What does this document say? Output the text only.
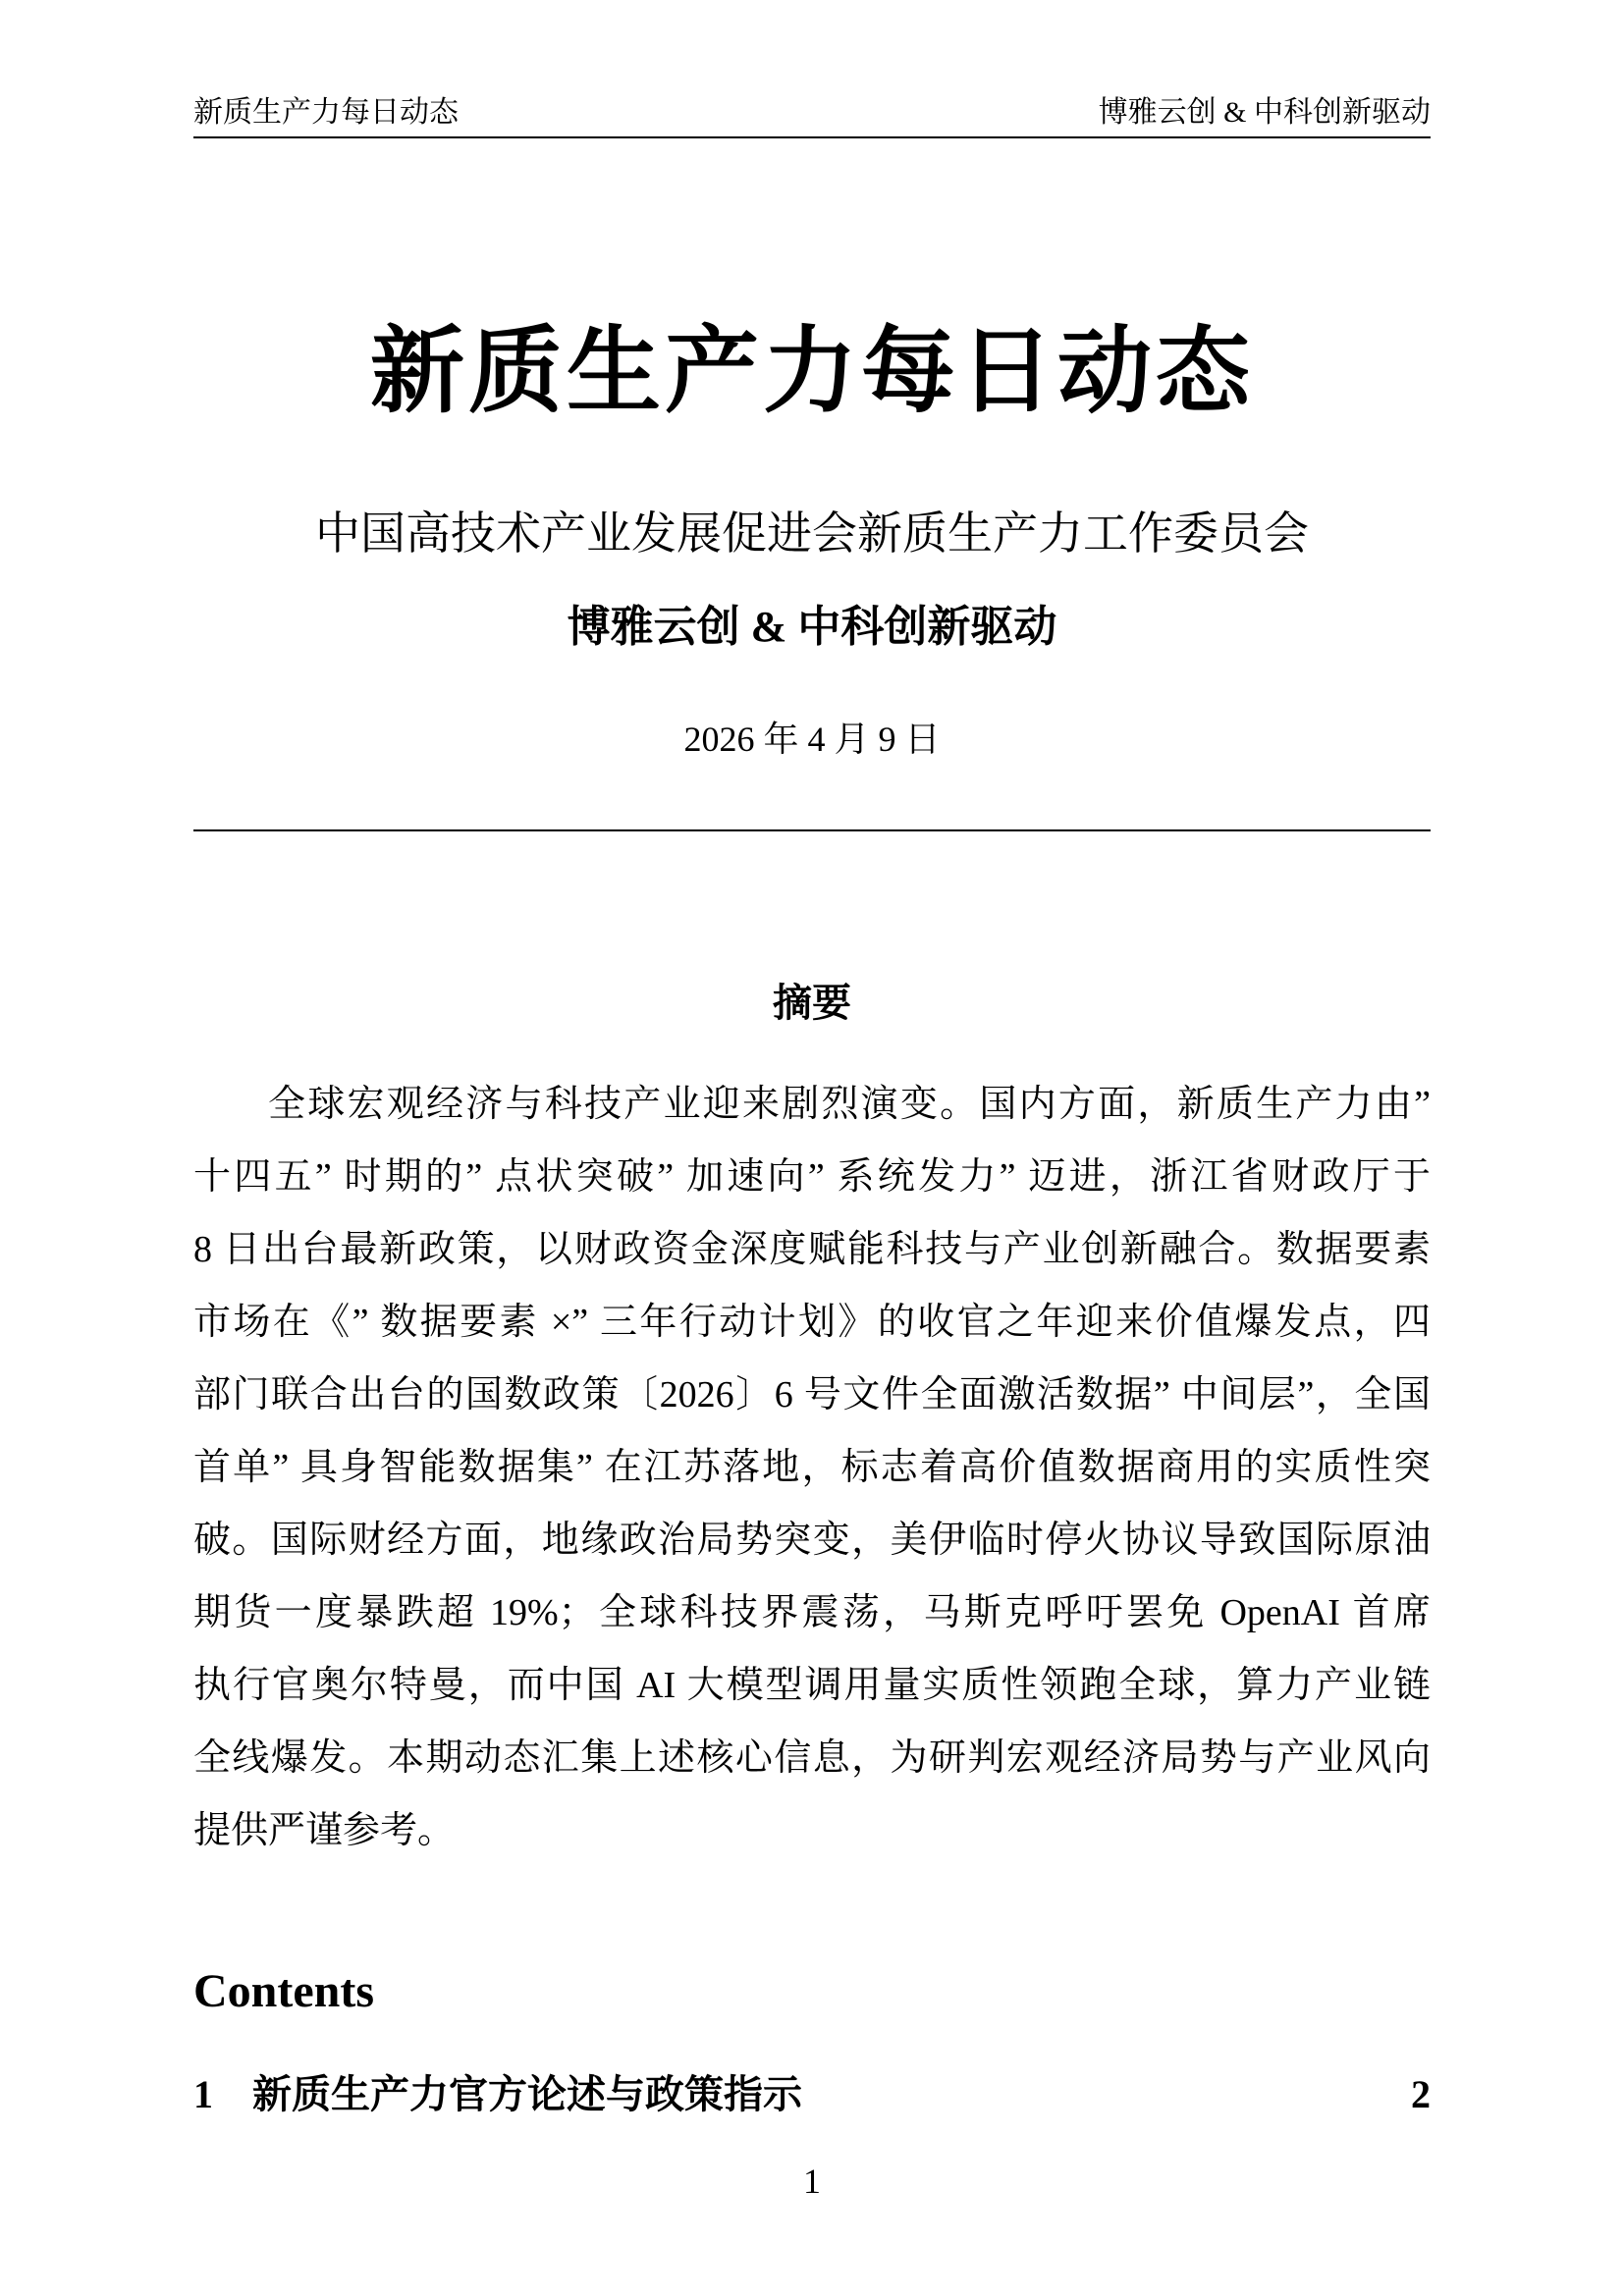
新质生产力每日动态	博雅云创 & 中科创新驱动
新质生产力每日动态
中国高技术产业发展促进会新质生产力工作委员会
博雅云创 & 中科创新驱动
2026 年 4 月 9 日
摘要
全球宏观经济与科技产业迎来剧烈演变。国内方面，新质生产力由”
十四五” 时期的” 点状突破” 加速向” 系统发力” 迈进，浙江省财政厅于
8 日出台最新政策，以财政资金深度赋能科技与产业创新融合。数据要素
市场在《” 数据要素 ×” 三年行动计划》的收官之年迎来价值爆发点，四
部门联合出台的国数政策〔2026〕6 号文件全面激活数据” 中间层”，全国
首单” 具身智能数据集” 在江苏落地，标志着高价值数据商用的实质性突
破。国际财经方面，地缘政治局势突变，美伊临时停火协议导致国际原油
期货一度暴跌超 19%；全球科技界震荡，马斯克呼吁罢免 OpenAI 首席
执行官奥尔特曼，而中国 AI 大模型调用量实质性领跑全球，算力产业链
全线爆发。本期动态汇集上述核心信息，为研判宏观经济局势与产业风向
提供严谨参考。
Contents
1	新质生产力官方论述与政策指示	2
1
